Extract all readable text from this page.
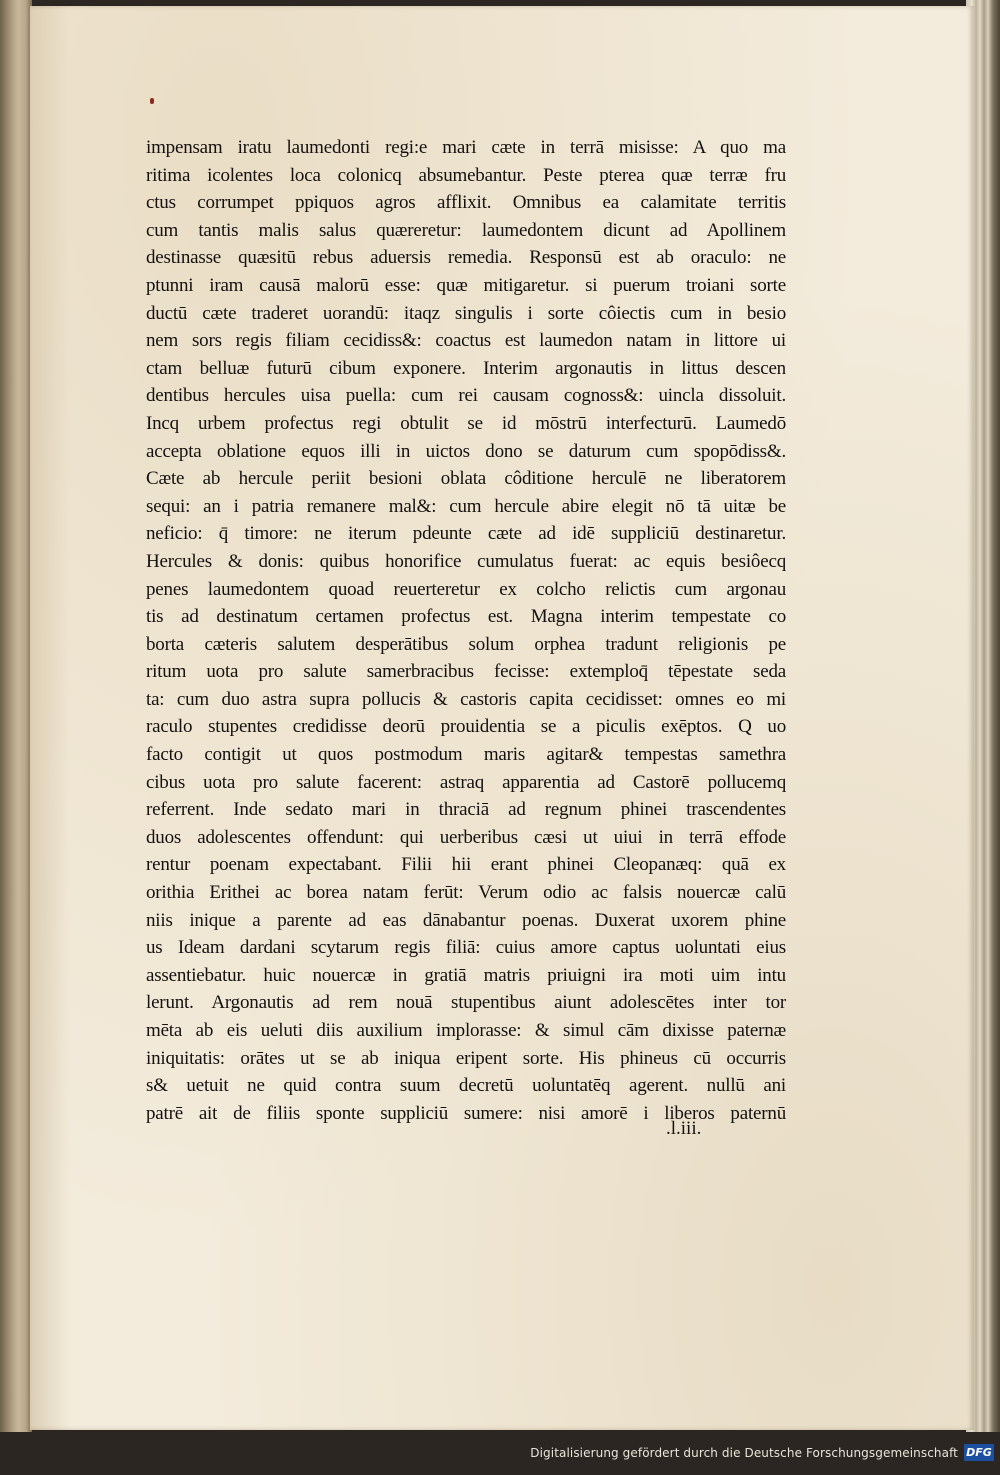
impensam iratu laumedonti regi:e mari cæte in terrā misisse: A quo ma
ritima icolentes loca colonicq absumebantur. Peste pterea quæ terræ fru
ctus corrumpet ppiquos agros afflixit. Omnibus ea calamitate territis
cum tantis malis salus quæreretur: laumedontem dicunt ad Apollinem
destinasse quæsitū rebus aduersis remedia. Responsū est ab oraculo: ne
ptunni iram causā malorū esse: quæ mitigaretur. si puerum troiani sorte
ductū cæte traderet uorandū: itaqz singulis i sorte côiectis cum in besio
nem sors regis filiam cecidiss&: coactus est laumedon natam in littore ui
ctam belluæ futurū cibum exponere. Interim argonautis in littus descen
dentibus hercules uisa puella: cum rei causam cognoss&: uincla dissoluit.
Incq urbem profectus regi obtulit se id mōstrū interfecturū. Laumedō
accepta oblatione equos illi in uictos dono se daturum cum spopōdiss&.
Cæte ab hercule periit besioni oblata côditione herculē ne liberatorem
sequi: an i patria remanere mal&: cum hercule abire elegit nō tā uitæ be
neficio: q̄ timore: ne iterum pdeunte cæte ad idē suppliciū destinaretur.
Hercules & donis: quibus honorifice cumulatus fuerat: ac equis besiôecq
penes laumedontem quoad reuerteretur ex colcho relictis cum argonau
tis ad destinatum certamen profectus est. Magna interim tempestate co
borta cæteris salutem desperātibus solum orphea tradunt religionis pe
ritum uota pro salute samerbracibus fecisse: extemploq̄ tēpestate seda
ta: cum duo astra supra pollucis & castoris capita cecidisset: omnes eo mi
raculo stupentes credidisse deorū prouidentia se a piculis exēptos. Q uo
facto contigit ut quos postmodum maris agitar& tempestas samethra
cibus uota pro salute facerent: astraq apparentia ad Castorē pollucemq
referrent. Inde sedato mari in thraciā ad regnum phinei trascendentes
duos adolescentes offendunt: qui uerberibus cæsi ut uiui in terrā effode
rentur poenam expectabant. Filii hii erant phinei Cleopanæq: quā ex
orithia Erithei ac borea natam ferūt: Verum odio ac falsis nouercæ calū
niis inique a parente ad eas dānabantur poenas. Duxerat uxorem phine
us Ideam dardani scytarum regis filiā: cuius amore captus uoluntati eius
assentiebatur. huic nouercæ in gratiā matris priuigni ira moti uim intu
lerunt. Argonautis ad rem nouā stupentibus aiunt adolescētes inter tor
mēta ab eis ueluti diis auxilium implorasse: & simul cām dixisse paternæ
iniquitatis: orātes ut se ab iniqua eripent sorte. His phineus cū occurris
s& uetuit ne quid contra suum decretū uoluntatēq agerent. nullū ani
patrē ait de filiis sponte suppliciū sumere: nisi amorē i liberos paternū
.l.iii.
Digitalisierung gefördert durch die Deutsche Forschungsgemeinschaft DFG
